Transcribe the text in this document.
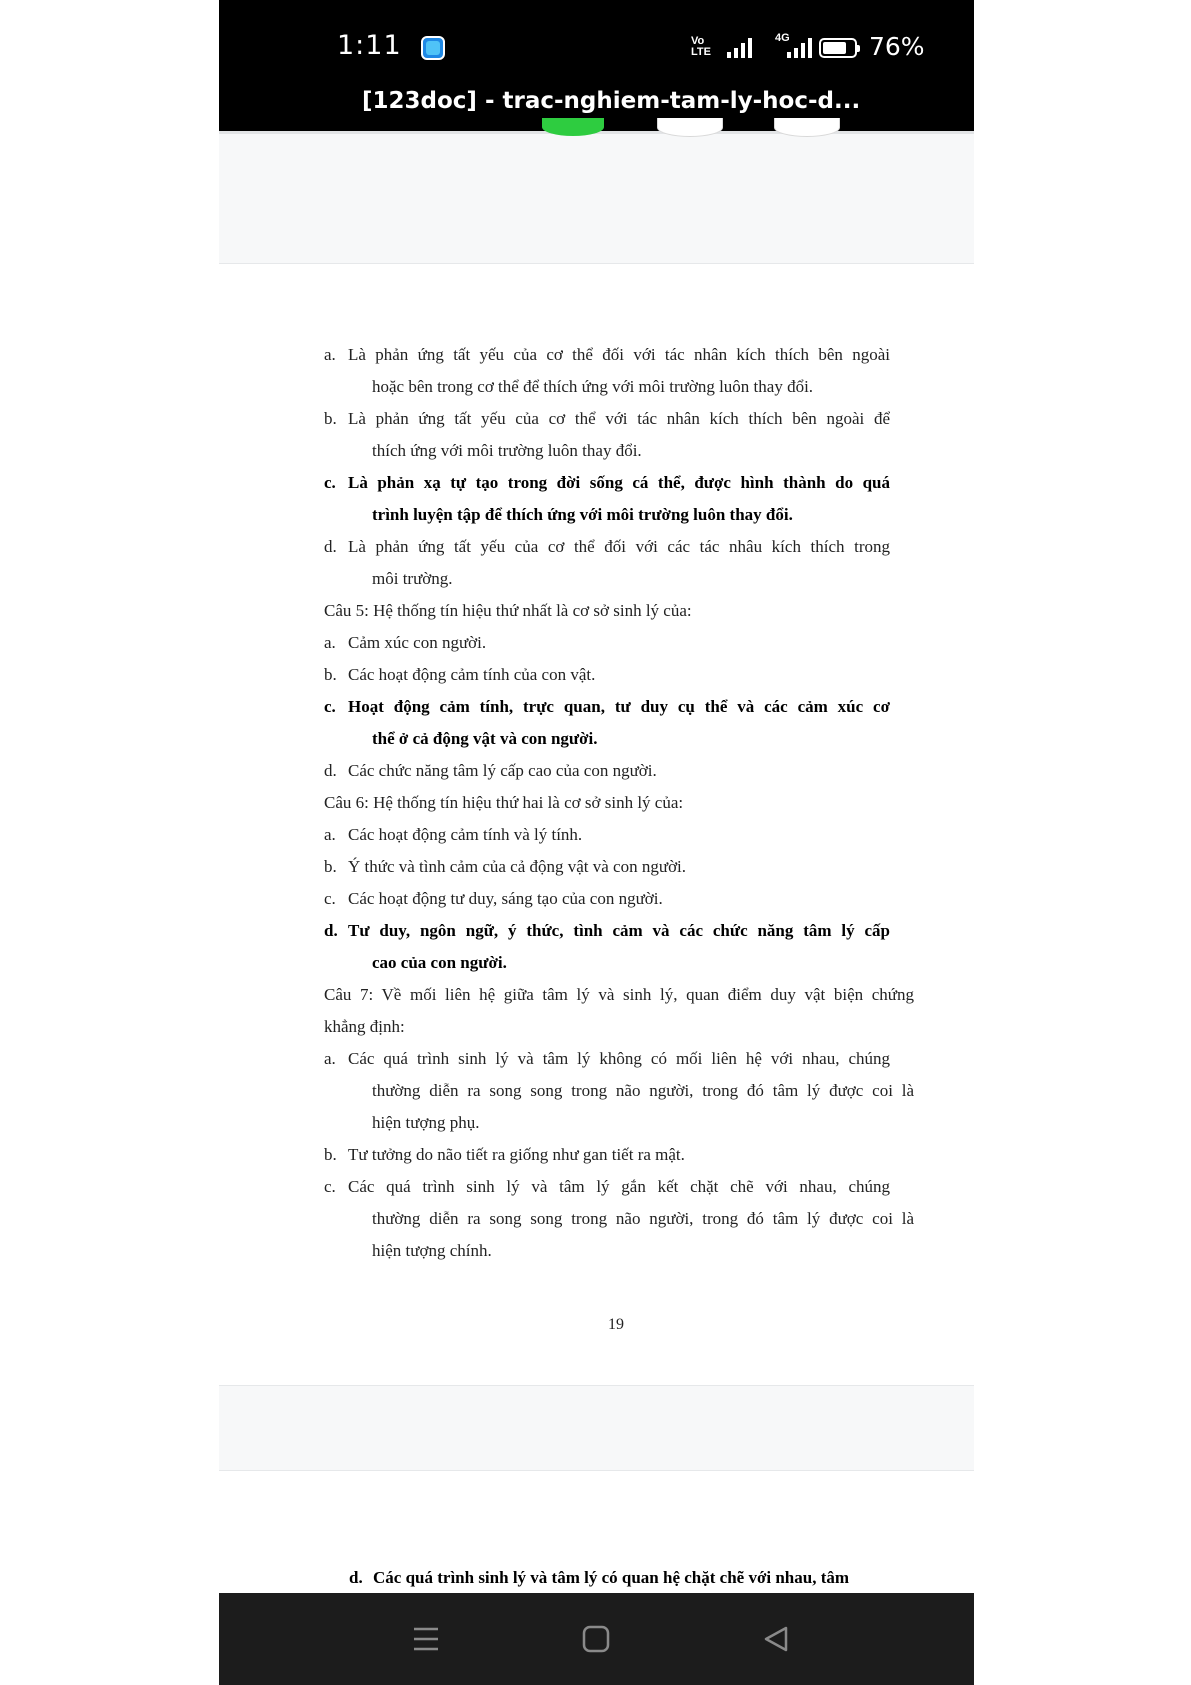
1:11	Vo
LTE
4G	76%
[123doc] - trac-nghiem-tam-ly-hoc-d...
a. Là phản ứng tất yếu của cơ thể đối với tác nhân kích thích bên ngoài
hoặc bên trong cơ thể để thích ứng với môi trường luôn thay đổi.
b. Là phản ứng tất yếu của cơ thể với tác nhân kích thích bên ngoài để
thích ứng với môi trường luôn thay đổi.
c. Là phản xạ tự tạo trong đời sống cá thể, được hình thành do quá
trình luyện tập để thích ứng với môi trường luôn thay đổi.
d. Là phản ứng tất yếu của cơ thể đối với các tác nhâu kích thích trong
môi trường.
Câu 5: Hệ thống tín hiệu thứ nhất là cơ sở sinh lý của:
a. Cảm xúc con người.
b. Các hoạt động cảm tính của con vật.
c. Hoạt động cảm tính, trực quan, tư duy cụ thể và các cảm xúc cơ
thể ở cả động vật và con người.
d. Các chức năng tâm lý cấp cao của con người.
Câu 6: Hệ thống tín hiệu thứ hai là cơ sở sinh lý của:
a. Các hoạt động cảm tính và lý tính.
b. Ý thức và tình cảm của cả động vật và con người.
c. Các hoạt động tư duy, sáng tạo của con người.
d. Tư duy, ngôn ngữ, ý thức, tình cảm và các chức năng tâm lý cấp
cao của con người.
Câu 7: Về mối liên hệ giữa tâm lý và sinh lý, quan điểm duy vật biện chứng
khẳng định:
a. Các quá trình sinh lý và tâm lý không có mối liên hệ với nhau, chúng
thường diễn ra song song trong não người, trong đó tâm lý được coi là
hiện tượng phụ.
b. Tư tưởng do não tiết ra giống như gan tiết ra mật.
c. Các quá trình sinh lý và tâm lý gắn kết chặt chẽ với nhau, chúng
thường diễn ra song song trong não người, trong đó tâm lý được coi là
hiện tượng chính.
19
d. Các quá trình sinh lý và tâm lý có quan hệ chặt chẽ với nhau, tâm
